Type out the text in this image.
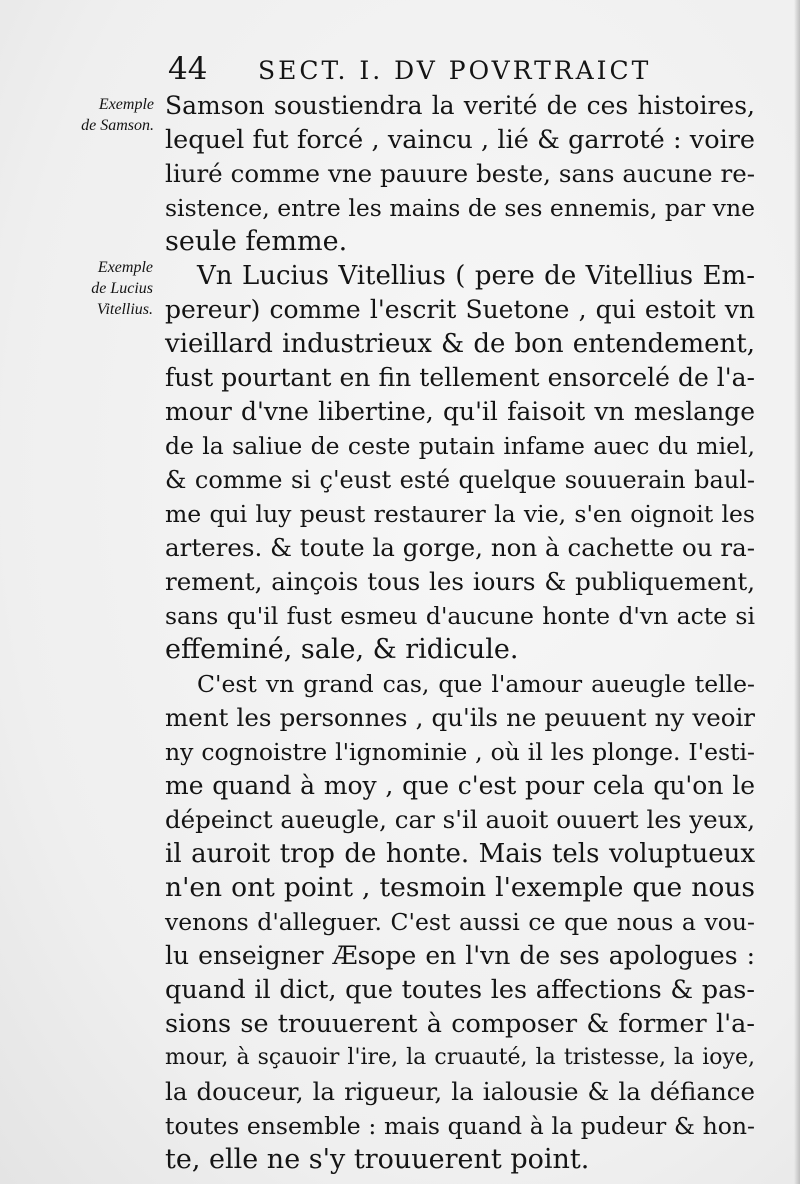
44 SECT. I. DV POVRTRAICT
Exemple
de Samson.
Exemple
de Lucius
Vitellius.
Samson soustiendra la verité de ces histoires,
lequel fut forcé , vaincu , lié & garroté : voire
liuré comme vne pauure beste, sans aucune re-
sistence, entre les mains de ses ennemis, par vne
seule femme.
Vn Lucius Vitellius ( pere de Vitellius Em-
pereur) comme l'escrit Suetone , qui estoit vn
vieillard industrieux & de bon entendement,
fust pourtant en fin tellement ensorcelé de l'a-
mour d'vne libertine, qu'il faisoit vn meslange
de la saliue de ceste putain infame auec du miel,
& comme si ç'eust esté quelque souuerain baul-
me qui luy peust restaurer la vie, s'en oignoit les
arteres. & toute la gorge, non à cachette ou ra-
rement, ainçois tous les iours & publiquement,
sans qu'il fust esmeu d'aucune honte d'vn acte si
effeminé, sale, & ridicule.
C'est vn grand cas, que l'amour aueugle telle-
ment les personnes , qu'ils ne peuuent ny veoir
ny cognoistre l'ignominie , où il les plonge. I'esti-
me quand à moy , que c'est pour cela qu'on le
dépeinct aueugle, car s'il auoit ouuert les yeux,
il auroit trop de honte. Mais tels voluptueux
n'en ont point , tesmoin l'exemple que nous
venons d'alleguer. C'est aussi ce que nous a vou-
lu enseigner Æsope en l'vn de ses apologues :
quand il dict, que toutes les affections & pas-
sions se trouuerent à composer & former l'a-
mour, à sçauoir l'ire, la cruauté, la tristesse, la ioye,
la douceur, la rigueur, la ialousie & la défiance
toutes ensemble : mais quand à la pudeur & hon-
te, elle ne s'y trouuerent point.
